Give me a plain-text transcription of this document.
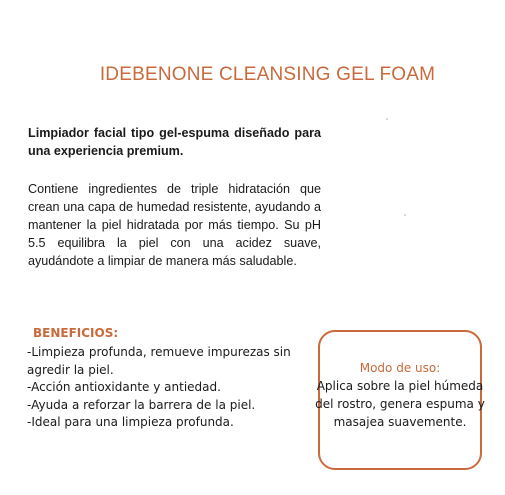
IDEBENONE CLEANSING GEL FOAM
Limpiador facial tipo gel-espuma diseñado para una experiencia premium.
Contiene ingredientes de triple hidratación que crean una capa de humedad resistente, ayudando a mantener la piel hidratada por más tiempo. Su pH 5.5 equilibra la piel con una acidez suave, ayudándote a limpiar de manera más saludable.
BENEFICIOS:
-Limpieza profunda, remueve impurezas sin agredir la piel.
-Acción antioxidante y antiedad.
-Ayuda a reforzar la barrera de la piel.
-Ideal para una limpieza profunda.
Modo de uso:
Aplica sobre la piel húmeda del rostro, genera espuma y masajea suavemente.
